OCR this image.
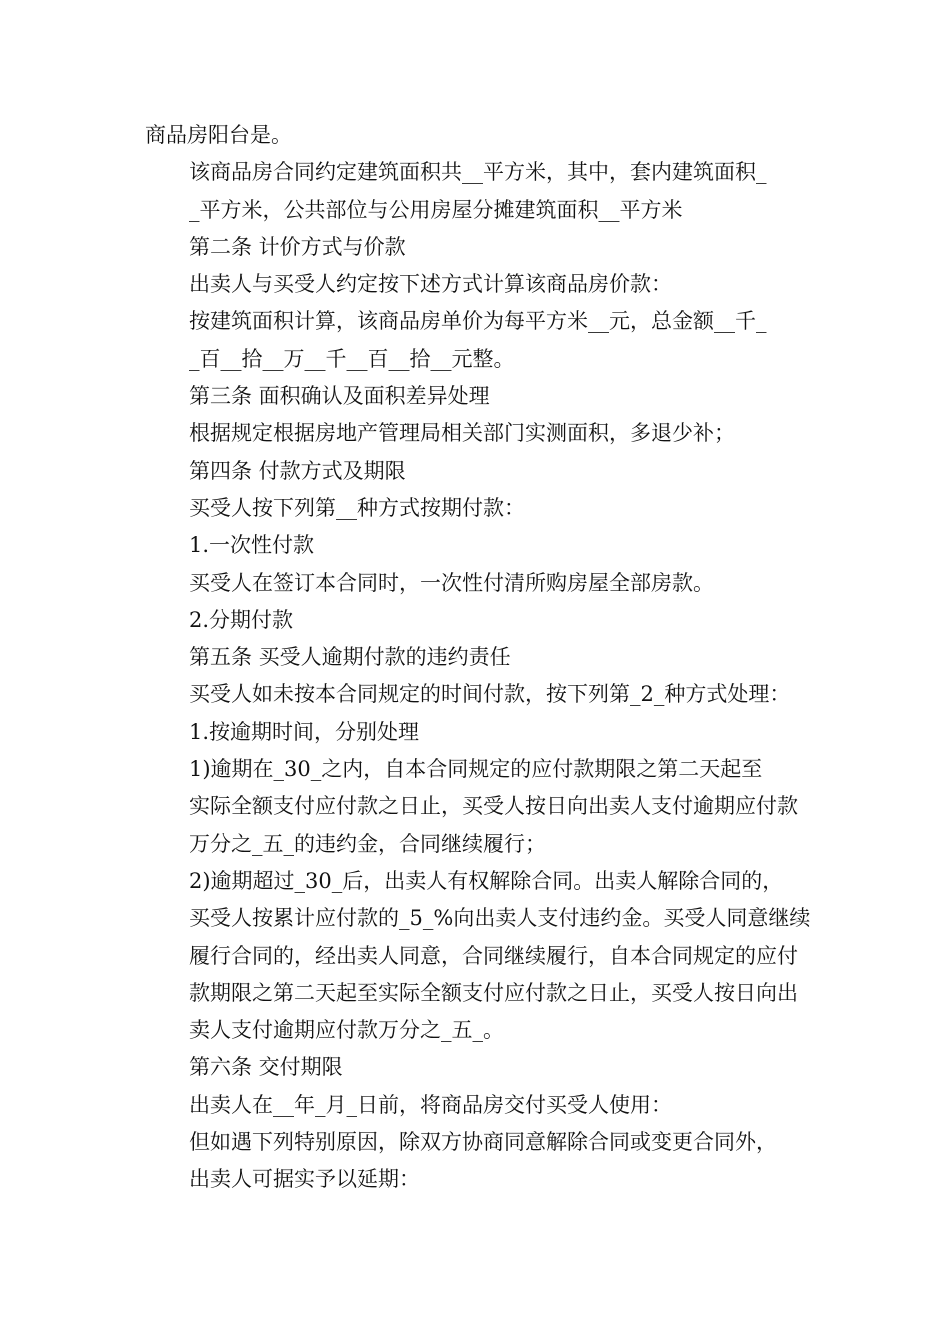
商品房阳台是。
该商品房合同约定建筑面积共__平方米，其中，套内建筑面积_
_平方米，公共部位与公用房屋分摊建筑面积__平方米
第二条 计价方式与价款
出卖人与买受人约定按下述方式计算该商品房价款：
按建筑面积计算，该商品房单价为每平方米__元，总金额__千_
_百__拾__万__千__百__拾__元整。
第三条 面积确认及面积差异处理
根据规定根据房地产管理局相关部门实测面积，多退少补；
第四条 付款方式及期限
买受人按下列第__种方式按期付款：
1.一次性付款
买受人在签订本合同时，一次性付清所购房屋全部房款。
2.分期付款
第五条 买受人逾期付款的违约责任
买受人如未按本合同规定的时间付款，按下列第_2_种方式处理：
1.按逾期时间，分别处理
1)逾期在_30_之内，自本合同规定的应付款期限之第二天起至
实际全额支付应付款之日止，买受人按日向出卖人支付逾期应付款
万分之_五_的违约金，合同继续履行；
2)逾期超过_30_后，出卖人有权解除合同。出卖人解除合同的，
买受人按累计应付款的_5_%向出卖人支付违约金。买受人同意继续
履行合同的，经出卖人同意，合同继续履行，自本合同规定的应付
款期限之第二天起至实际全额支付应付款之日止，买受人按日向出
卖人支付逾期应付款万分之_五_。
第六条 交付期限
出卖人在__年_月_日前，将商品房交付买受人使用：
但如遇下列特别原因，除双方协商同意解除合同或变更合同外，
出卖人可据实予以延期：
